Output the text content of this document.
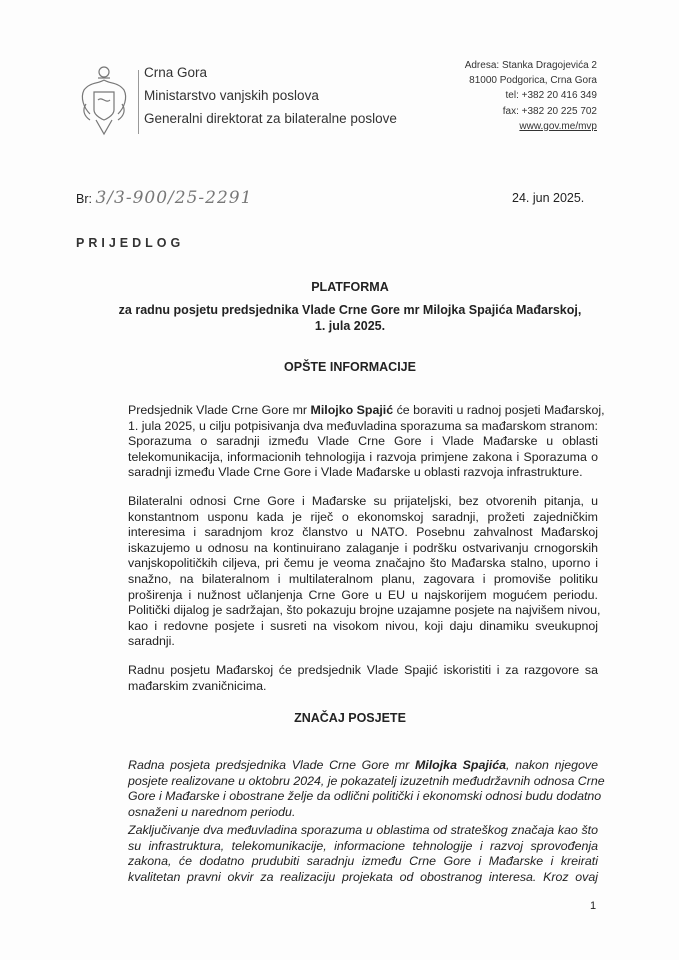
Crna Gora
Ministarstvo vanjskih poslova
Generalni direktorat za bilateralne poslove
Adresa: Stanka Dragojevića 2
81000 Podgorica, Crna Gora
tel: +382 20 416 349
fax: +382 20 225 702
www.gov.me/mvp
Br: 3/3-900/25-2291	24. jun 2025.
PRIJEDLOG
PLATFORMA
za radnu posjetu predsjednika Vlade Crne Gore mr Milojka Spajića Mađarskoj,
1. jula 2025.
OPŠTE INFORMACIJE
Predsjednik Vlade Crne Gore mr Milojko Spajić će boraviti u radnoj posjeti Mađarskoj,
1. jula 2025, u cilju potpisivanja dva međuvladina sporazuma sa mađarskom stranom:
Sporazuma o saradnji između Vlade Crne Gore i Vlade Mađarske u oblasti
telekomunikacija, informacionih tehnologija i razvoja primjene zakona i Sporazuma o
saradnji između Vlade Crne Gore i Vlade Mađarske u oblasti razvoja infrastrukture.
Bilateralni odnosi Crne Gore i Mađarske su prijateljski, bez otvorenih pitanja, u
konstantnom usponu kada je riječ o ekonomskoj saradnji, prožeti zajedničkim
interesima i saradnjom kroz članstvo u NATO. Posebnu zahvalnost Mađarskoj
iskazujemo u odnosu na kontinuirano zalaganje i podršku ostvarivanju crnogorskih
vanjskopolitičkih ciljeva, pri čemu je veoma značajno što Mađarska stalno, uporno i
snažno, na bilateralnom i multilateralnom planu, zagovara i promoviše politiku
proširenja i nužnost učlanjenja Crne Gore u EU u najskorijem mogućem periodu.
Politički dijalog je sadržajan, što pokazuju brojne uzajamne posjete na najvišem nivou,
kao i redovne posjete i susreti na visokom nivou, koji daju dinamiku sveukupnoj
saradnji.
Radnu posjetu Mađarskoj će predsjednik Vlade Spajić iskoristiti i za razgovore sa
mađarskim zvaničnicima.
ZNAČAJ POSJETE
Radna posjeta predsjednika Vlade Crne Gore mr Milojka Spajića, nakon njegove
posjete realizovane u oktobru 2024, je pokazatelj izuzetnih međudržavnih odnosa Crne
Gore i Mađarske i obostrane želje da odlični politički i ekonomski odnosi budu dodatno
osnaženi u narednom periodu.
Zaključivanje dva međuvladina sporazuma u oblastima od strateškog značaja kao što
su infrastruktura, telekomunikacije, informacione tehnologije i razvoj sprovođenja
zakona, će dodatno prudubiti saradnju između Crne Gore i Mađarske i kreirati
kvalitetan pravni okvir za realizaciju projekata od obostranog interesa. Kroz ovaj
1
